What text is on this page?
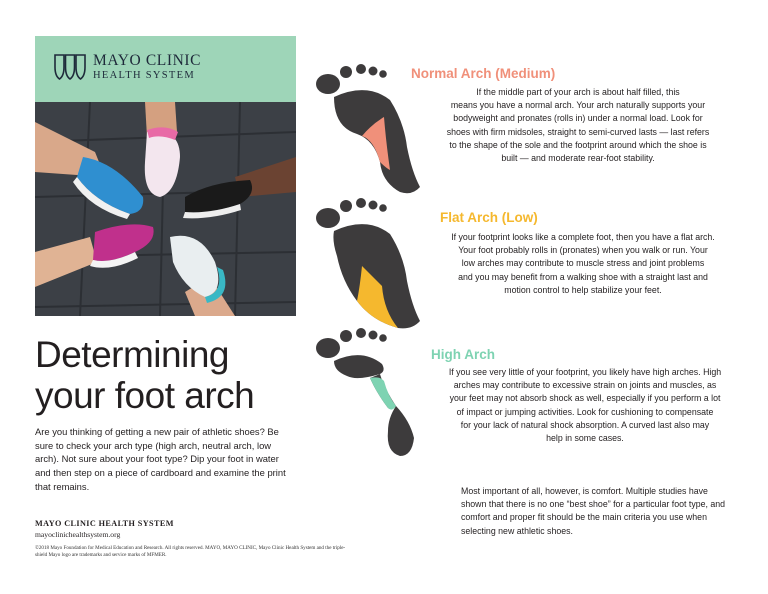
MAYO CLINIC
HEALTH SYSTEM
Determining
your foot arch

Are you thinking of getting a new pair of athletic shoes? Be sure to check your arch type (high arch, neutral arch, low arch). Not sure about your foot type? Dip your foot in water and then step on a piece of cardboard and examine the print that remains.

MAYO CLINIC HEALTH SYSTEM
mayoclinichealthsystem.org

©2018 Mayo Foundation for Medical Education and Research. All rights reserved. MAYO, MAYO CLINIC, Mayo Clinic Health System and the triple-shield Mayo logo are trademarks and service marks of MFMER.

Normal Arch (Medium)
If the middle part of your arch is about half filled, this
means you have a normal arch. Your arch naturally supports your
bodyweight and pronates (rolls in) under a normal load. Look for
shoes with firm midsoles, straight to semi-curved lasts — last refers
to the shape of the sole and the footprint around which the shoe is
built — and moderate rear-foot stability.
Flat Arch (Low)
If your footprint looks like a complete foot, then you have a flat arch.
Your foot probably rolls in (pronates) when you walk or run. Your
low arches may contribute to muscle stress and joint problems
and you may benefit from a walking shoe with a straight last and
motion control to help stabilize your feet.
High Arch
If you see very little of your footprint, you likely have high arches. High
arches may contribute to excessive strain on joints and muscles, as
your feet may not absorb shock as well, especially if you perform a lot
of impact or jumping activities. Look for cushioning to compensate
for your lack of natural shock absorption. A curved last also may
help in some cases.

Most important of all, however, is comfort. Multiple studies have shown that there is no one “best shoe” for a particular foot type, and comfort and proper fit should be the main criteria you use when selecting new athletic shoes.
